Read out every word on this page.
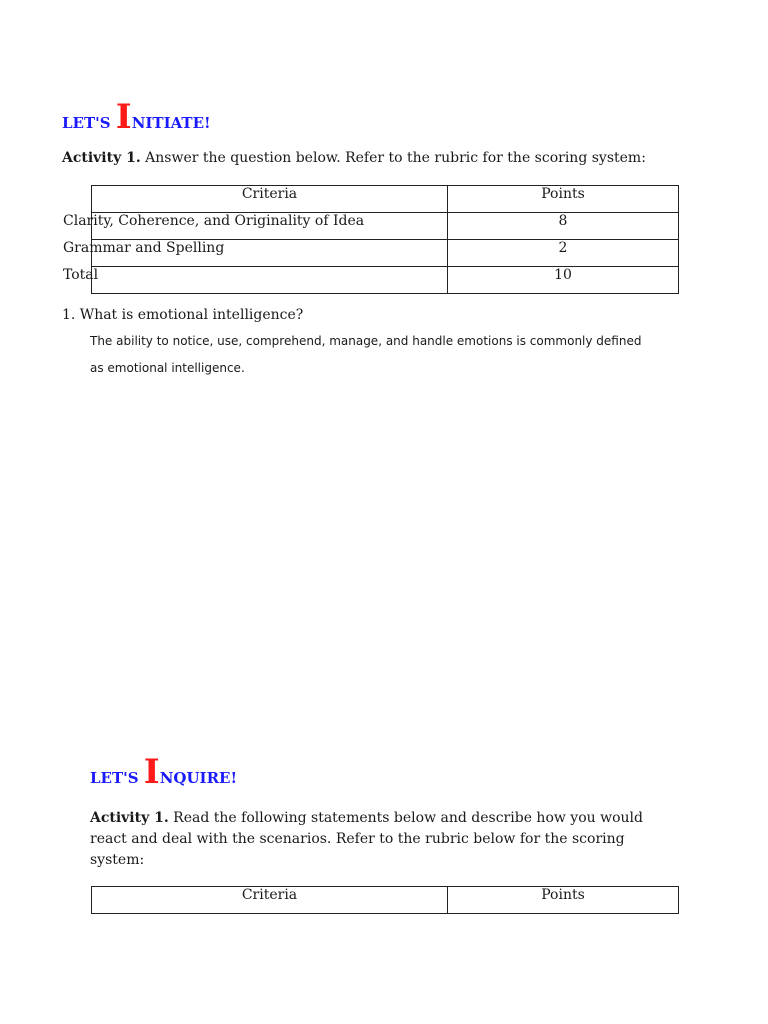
LET'S INITIATE!
Activity 1. Answer the question below. Refer to the rubric for the scoring system:
Criteria	Points
Clarity, Coherence, and Originality of Idea	8
Grammar and Spelling	2
Total	10
1. What is emotional intelligence?
The ability to notice, use, comprehend, manage, and handle emotions is commonly defined as emotional intelligence.
LET'S INQUIRE!
Activity 1. Read the following statements below and describe how you would react and deal with the scenarios. Refer to the rubric below for the scoring system:
Criteria	Points
